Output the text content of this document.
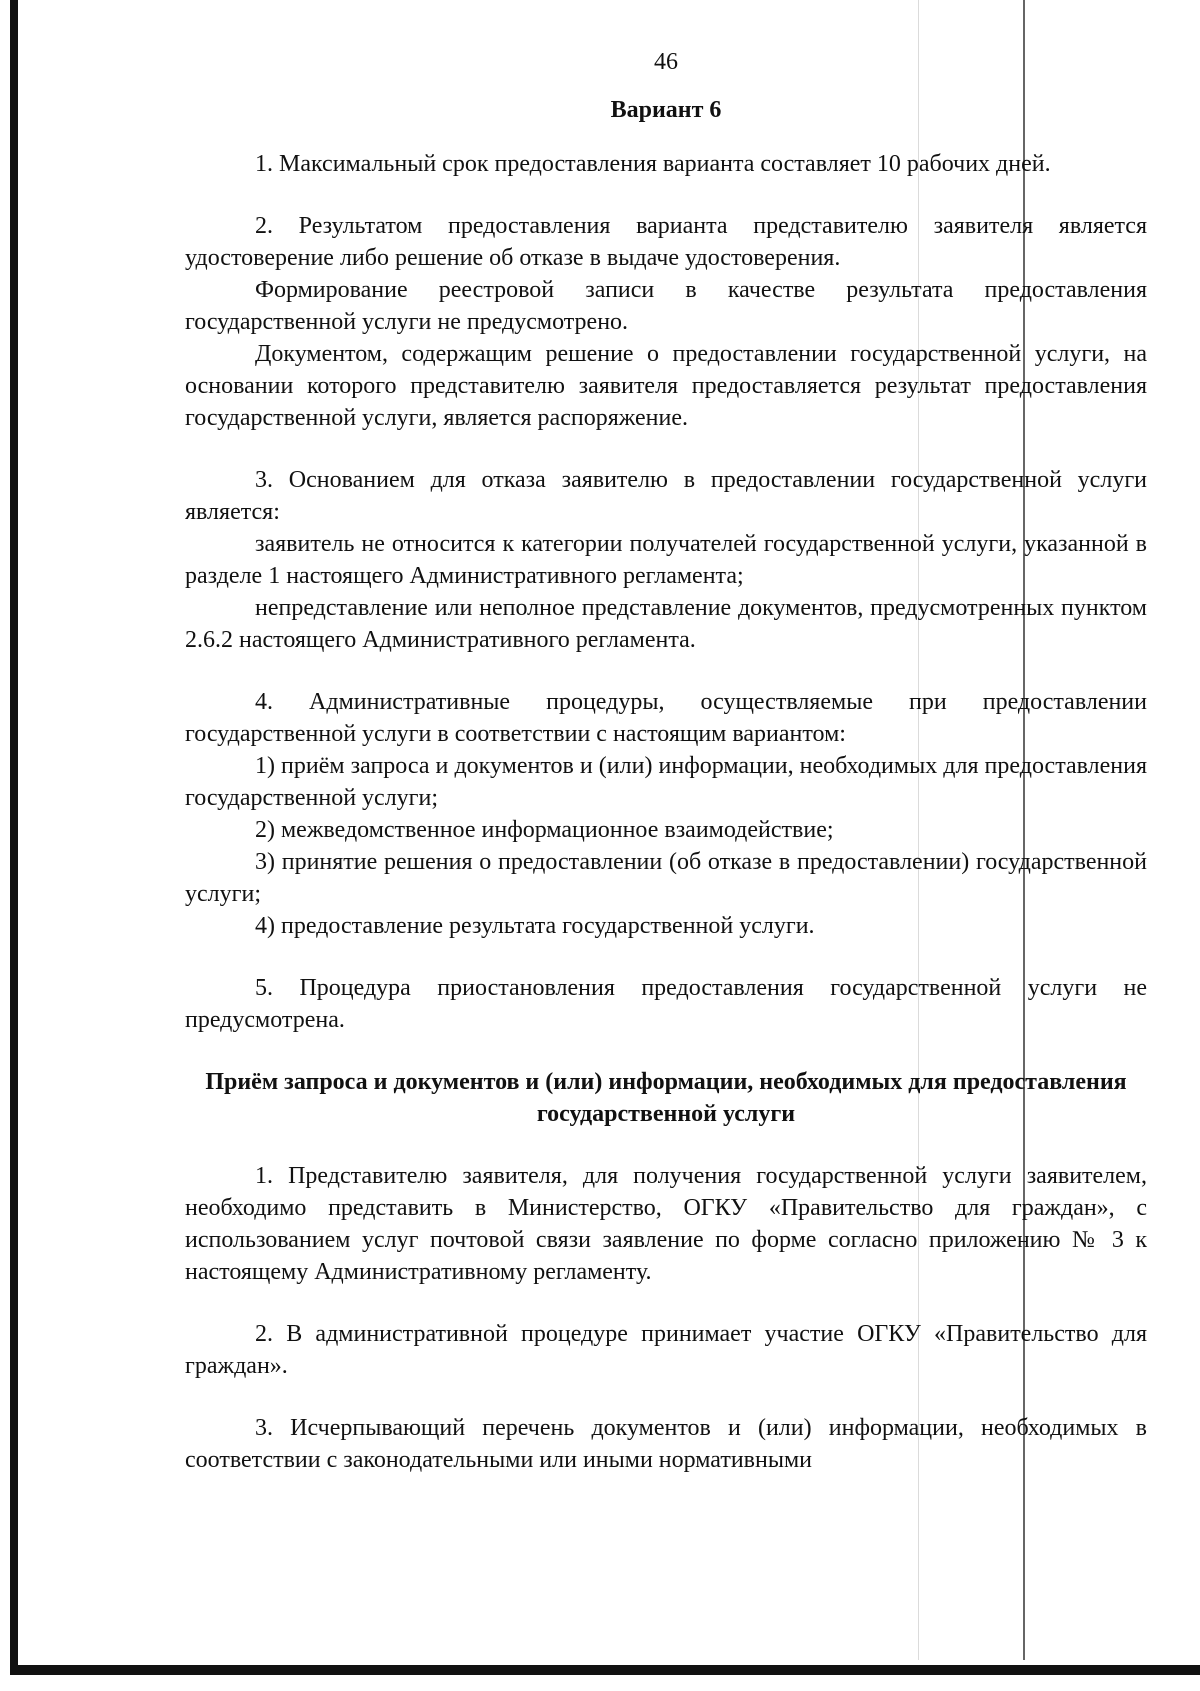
46
Вариант 6

1. Максимальный срок предоставления варианта составляет 10 рабочих дней.

2. Результатом предоставления варианта представителю заявителя является удостоверение либо решение об отказе в выдаче удостоверения.

Формирование реестровой записи в качестве результата предоставления государственной услуги не предусмотрено.

Документом, содержащим решение о предоставлении государственной услуги, на основании которого представителю заявителя предоставляется результат предоставления государственной услуги, является распоряжение.

3. Основанием для отказа заявителю в предоставлении государственной услуги является:

заявитель не относится к категории получателей государственной услуги, указанной в разделе 1 настоящего Административного регламента;

непредставление или неполное представление документов, предусмотренных пунктом 2.6.2 настоящего Административного регламента.

4. Административные процедуры, осуществляемые при предоставлении государственной услуги в соответствии с настоящим вариантом:

1) приём запроса и документов и (или) информации, необходимых для предоставления государственной услуги;

2) межведомственное информационное взаимодействие;

3) принятие решения о предоставлении (об отказе в предоставлении) государственной услуги;

4) предоставление результата государственной услуги.

5. Процедура приостановления предоставления государственной услуги не предусмотрена.

Приём запроса и документов и (или) информации, необходимых для предоставления государственной услуги

1. Представителю заявителя, для получения государственной услуги заявителем, необходимо представить в Министерство, ОГКУ «Правительство для граждан», с использованием услуг почтовой связи заявление по форме согласно приложению № 3 к настоящему Административному регламенту.

2. В административной процедуре принимает участие ОГКУ «Правительство для граждан».

3. Исчерпывающий перечень документов и (или) информации, необходимых в соответствии с законодательными или иными нормативными
